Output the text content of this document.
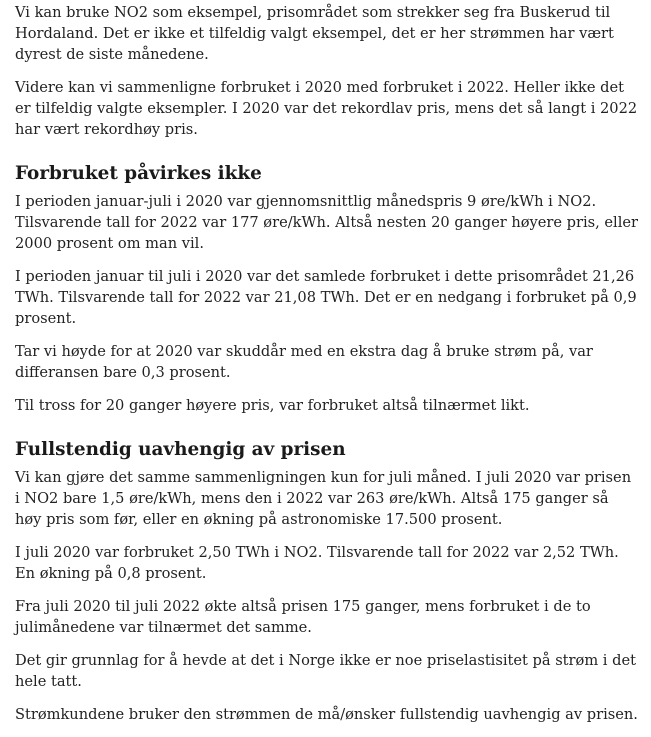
Vi kan bruke NO2 som eksempel, prisområdet som strekker seg fra Buskerud til Hordaland. Det er ikke et tilfeldig valgt eksempel, det er her strømmen har vært dyrest de siste månedene.

Videre kan vi sammenligne forbruket i 2020 med forbruket i 2022. Heller ikke det er tilfeldig valgte eksempler. I 2020 var det rekordlav pris, mens det så langt i 2022 har vært rekordhøy pris.

Forbruket påvirkes ikke

I perioden januar-juli i 2020 var gjennomsnittlig månedspris 9 øre/kWh i NO2. Tilsvarende tall for 2022 var 177 øre/kWh. Altså nesten 20 ganger høyere pris, eller 2000 prosent om man vil.

I perioden januar til juli i 2020 var det samlede forbruket i dette prisområdet 21,26 TWh. Tilsvarende tall for 2022 var 21,08 TWh. Det er en nedgang i forbruket på 0,9 prosent.

Tar vi høyde for at 2020 var skuddår med en ekstra dag å bruke strøm på, var differansen bare 0,3 prosent.

Til tross for 20 ganger høyere pris, var forbruket altså tilnærmet likt.

Fullstendig uavhengig av prisen

Vi kan gjøre det samme sammenligningen kun for juli måned. I juli 2020 var prisen i NO2 bare 1,5 øre/kWh, mens den i 2022 var 263 øre/kWh. Altså 175 ganger så høy pris som før, eller en økning på astronomiske 17.500 prosent.

I juli 2020 var forbruket 2,50 TWh i NO2. Tilsvarende tall for 2022 var 2,52 TWh. En økning på 0,8 prosent.

Fra juli 2020 til juli 2022 økte altså prisen 175 ganger, mens forbruket i de to julimånedene var tilnærmet det samme.

Det gir grunnlag for å hevde at det i Norge ikke er noe priselastisitet på strøm i det hele tatt.

Strømkundene bruker den strømmen de må/ønsker fullstendig uavhengig av prisen.
